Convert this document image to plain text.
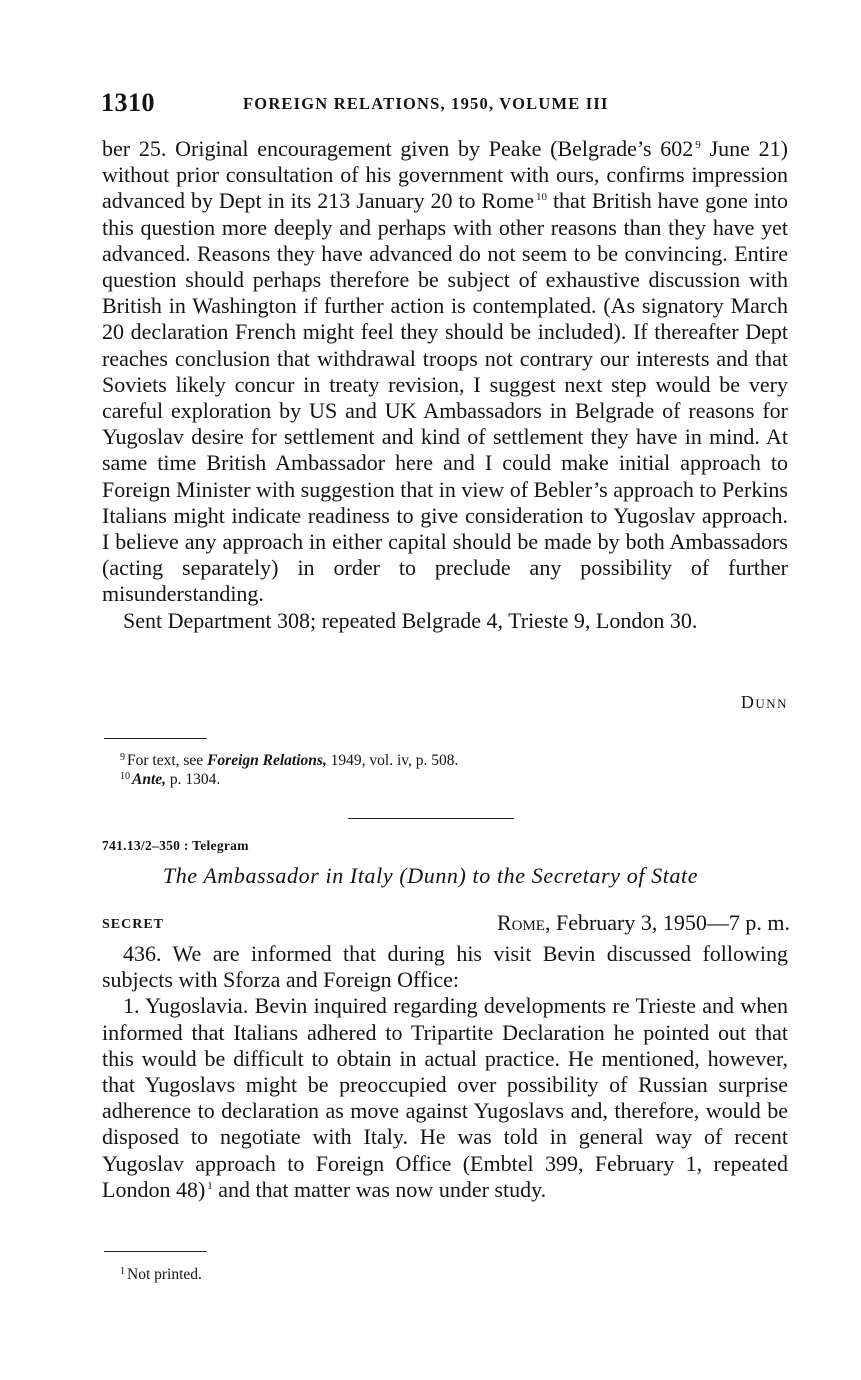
1310	FOREIGN RELATIONS, 1950, VOLUME III

ber 25. Original encouragement given by Peake (Belgrade’s 602 $^9$ June 21) without prior consultation of his government with ours, confirms impression advanced by Dept in its 213 January 20 to Rome $^{10}$ that British have gone into this question more deeply and perhaps with other reasons than they have yet advanced. Reasons they have advanced do not seem to be convincing. Entire question should perhaps therefore be subject of exhaustive discussion with British in Washington if further action is contemplated. (As signatory March 20 declaration French might feel they should be included). If thereafter Dept reaches conclusion that withdrawal troops not contrary our interests and that Soviets likely concur in treaty revision, I suggest next step would be very careful exploration by US and UK Ambassadors in Belgrade of reasons for Yugoslav desire for settlement and kind of settlement they have in mind. At same time British Ambassador here and I could make initial approach to Foreign Minister with suggestion that in view of Bebler’s approach to Perkins Italians might indicate readiness to give consideration to Yugoslav approach. I believe any approach in either capital should be made by both Ambassadors (acting separately) in order to preclude any possibility of further misunderstanding.

Sent Department 308; repeated Belgrade 4, Trieste 9, London 30.

Dunn
$^9$ For text, see Foreign Relations, 1949, vol. iv, p. 508.
$^{10}$ Ante, p. 1304.
741.13/2–350 : Telegram
The Ambassador in Italy (Dunn) to the Secretary of State
SECRET	Rome, February 3, 1950—7 p. m.

436. We are informed that during his visit Bevin discussed following subjects with Sforza and Foreign Office:

1. Yugoslavia. Bevin inquired regarding developments re Trieste and when informed that Italians adhered to Tripartite Declaration he pointed out that this would be difficult to obtain in actual practice. He mentioned, however, that Yugoslavs might be preoccupied over possibility of Russian surprise adherence to declaration as move against Yugoslavs and, therefore, would be disposed to negotiate with Italy. He was told in general way of recent Yugoslav approach to Foreign Office (Embtel 399, February 1, repeated London 48) $^1$ and that matter was now under study.

$^1$ Not printed.
